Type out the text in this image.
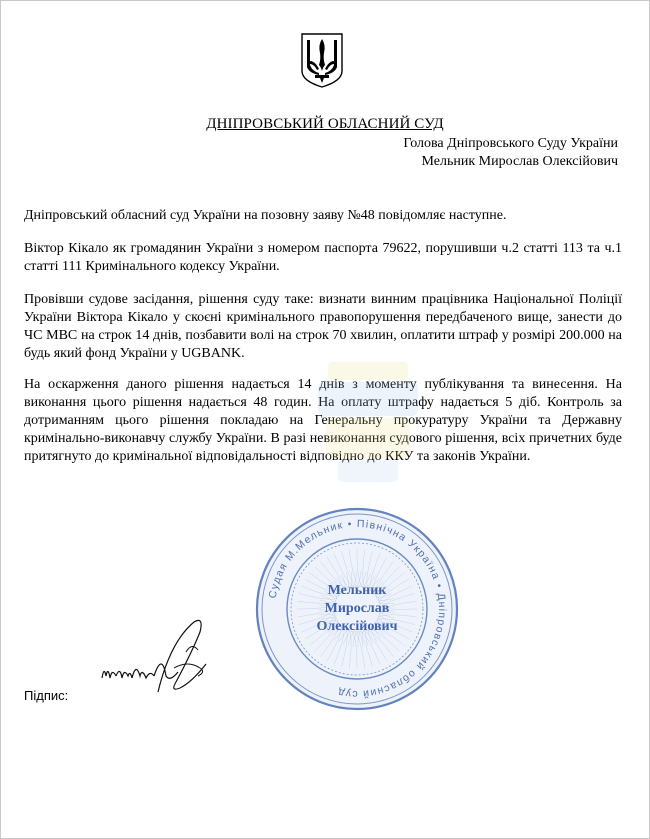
ДНІПРОВСЬКИЙ ОБЛАСНИЙ СУД
Голова Дніпровського Суду України
Мельник Мирослав Олексійович
Дніпровський обласний суд України на позовну заяву №48 повідомляє наступне.
Віктор Кікало як громадянин України з номером паспорта 79622, порушивши ч.2 статті 113 та ч.1 статті 111 Кримінального кодексу України.
Провівши судове засідання, рішення суду таке: визнати винним працівника Національної Поліції України Віктора Кікало у скоєні кримінального правопорушення передбаченого вище, занести до ЧС МВС на строк 14 днів, позбавити волі на строк 70 хвилин, оплатити штраф у розмірі 200.000 на будь який фонд України у UGBANK.
На оскарження даного рішення надається 14 днів з моменту публікування та винесення. На виконання цього рішення надається 48 годин. На оплату штрафу надається 5 діб. Контроль за дотриманням цього рішення покладаю на Генеральну прокуратуру України та Державну кримінально-виконавчу службу України. В разі невиконання судового рішення, всіх причетних буде притягнуто до кримінальної відповідальності відповідно до ККУ та законів України.
Судая М.Мельник • Північна Україна • Дніпровський обласний суд
Мельник
Мирослав
Олексійович
Підпис:
